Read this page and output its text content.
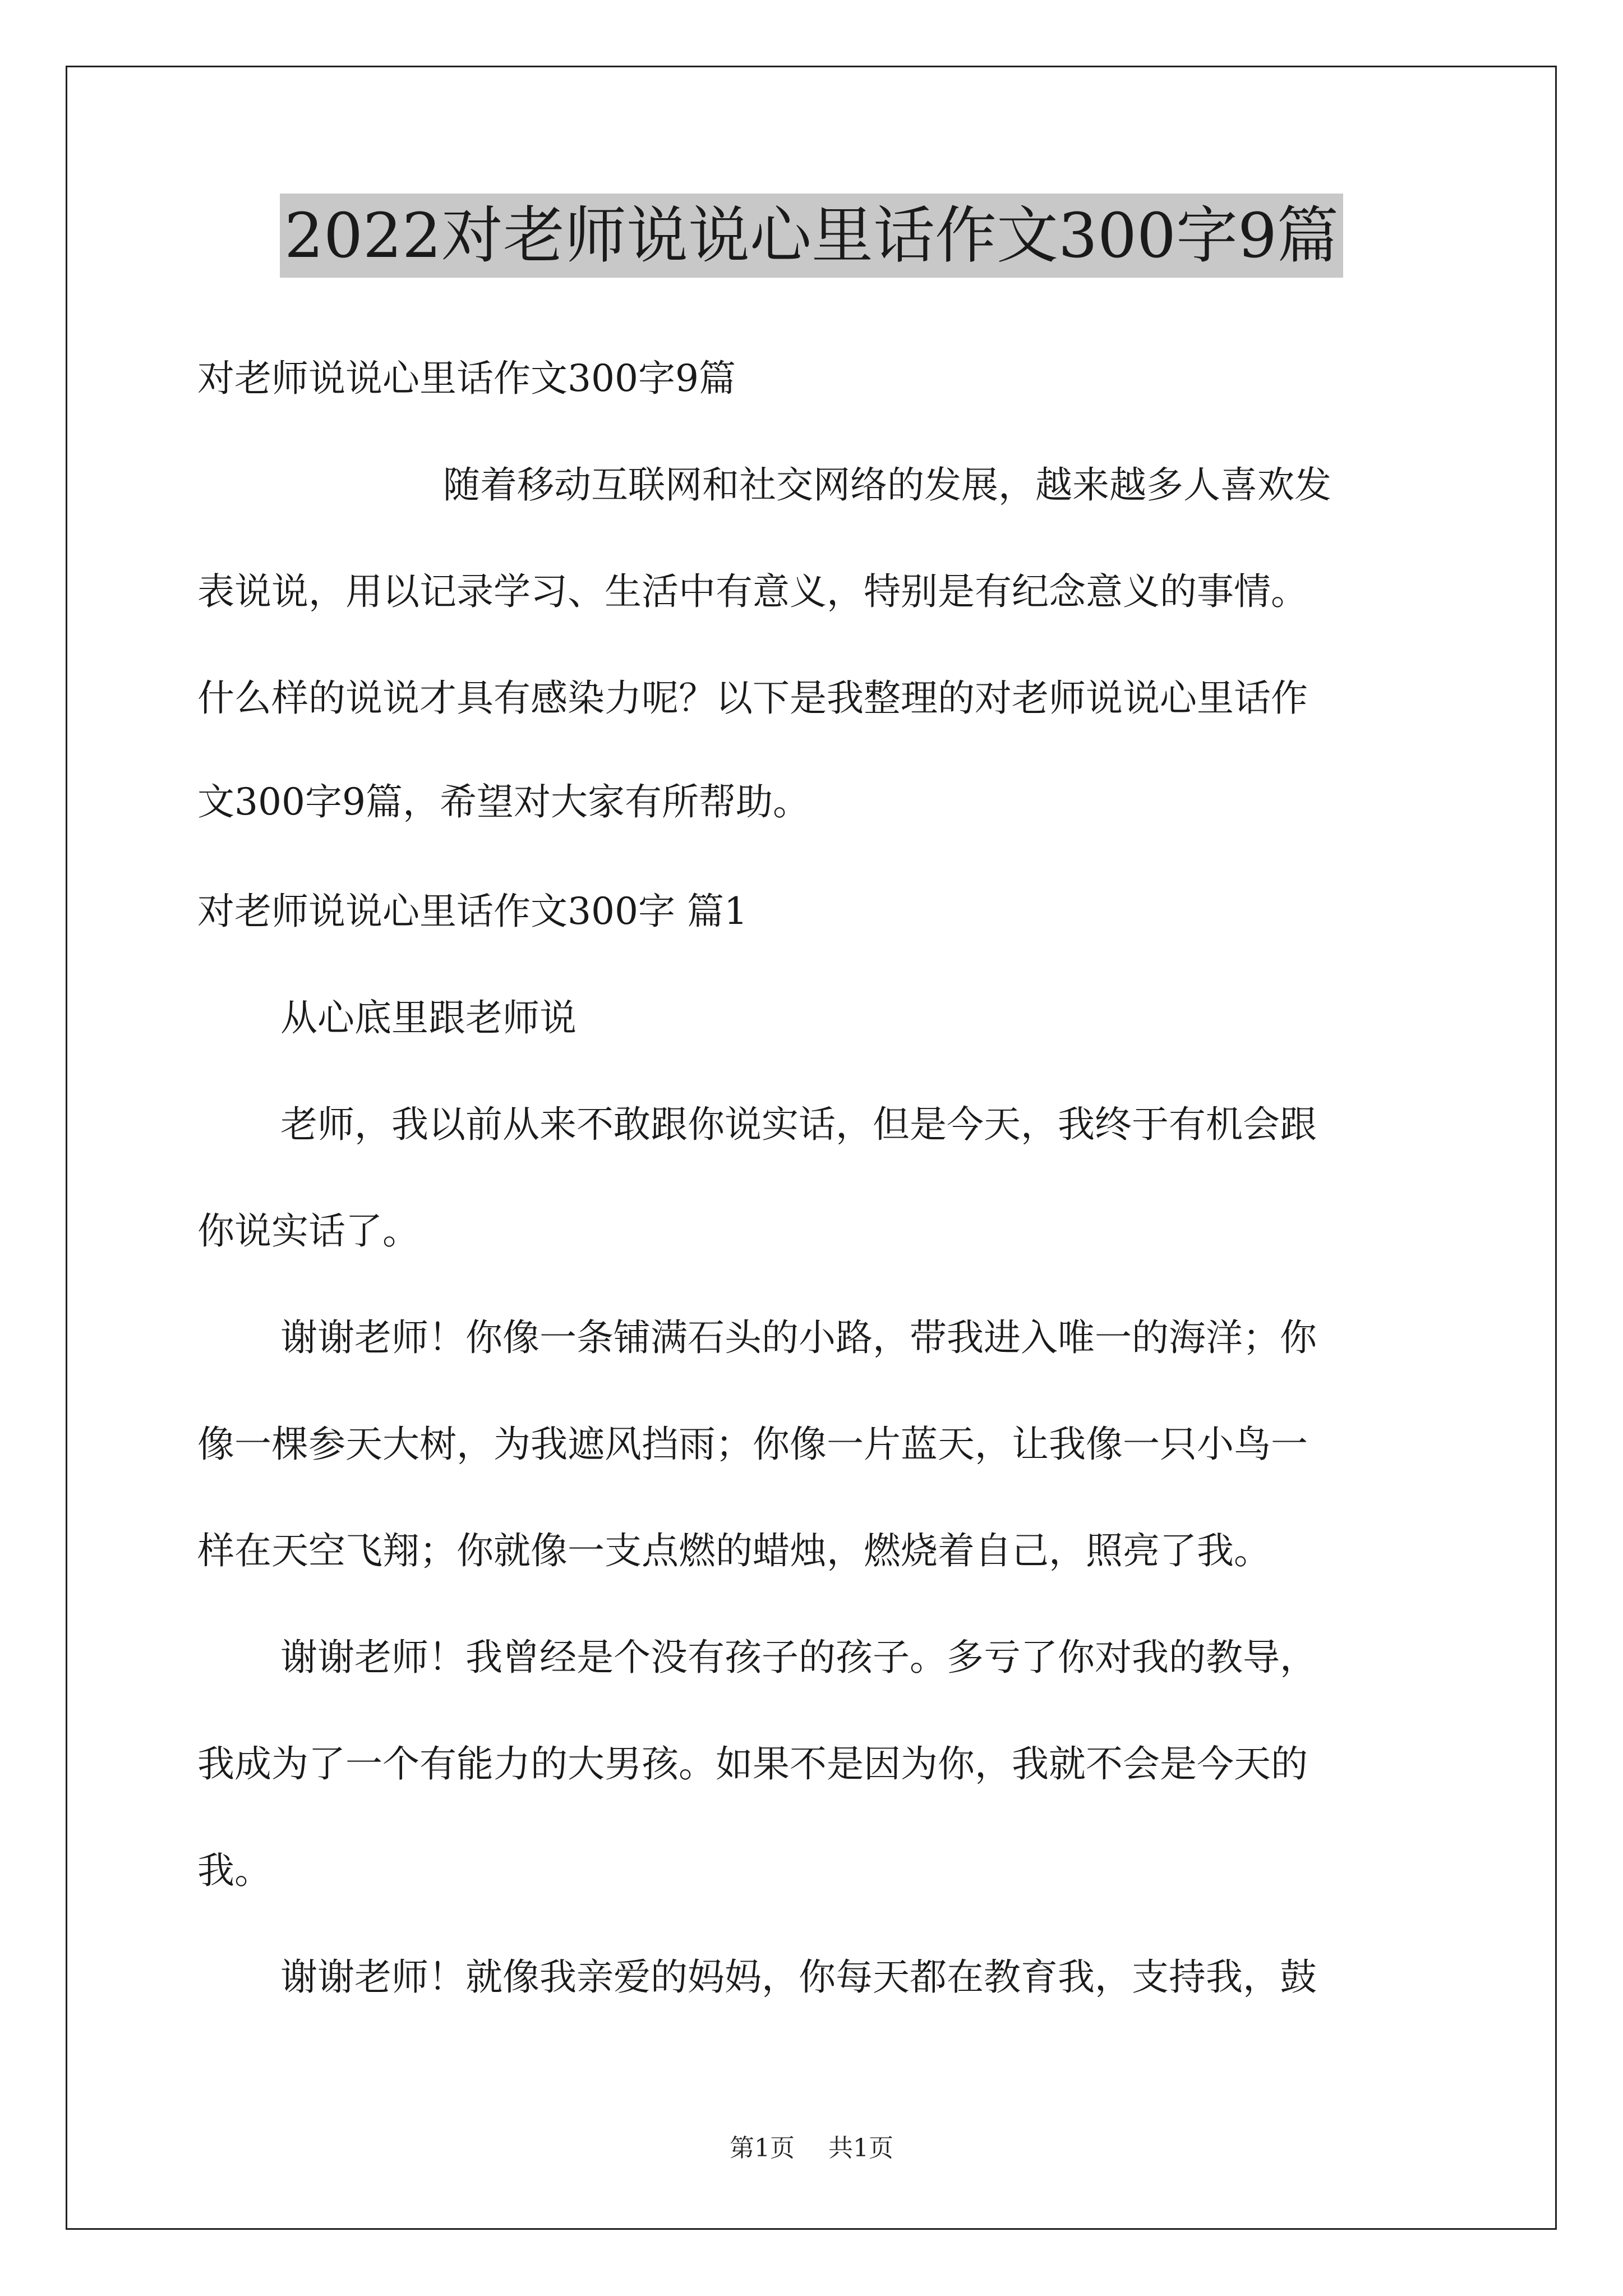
2022对老师说说心里话作文300字9篇
对老师说说心里话作文300字9篇
随着移动互联网和社交网络的发展，越来越多人喜欢发
表说说，用以记录学习、生活中有意义，特别是有纪念意义的事情。
什么样的说说才具有感染力呢？以下是我整理的对老师说说心里话作
文300字9篇，希望对大家有所帮助。
对老师说说心里话作文300字 篇1
从心底里跟老师说
老师，我以前从来不敢跟你说实话，但是今天，我终于有机会跟
你说实话了。
谢谢老师！你像一条铺满石头的小路，带我进入唯一的海洋；你
像一棵参天大树，为我遮风挡雨；你像一片蓝天，让我像一只小鸟一
样在天空飞翔；你就像一支点燃的蜡烛，燃烧着自己，照亮了我。
谢谢老师！我曾经是个没有孩子的孩子。多亏了你对我的教导，
我成为了一个有能力的大男孩。如果不是因为你，我就不会是今天的
我。
谢谢老师！就像我亲爱的妈妈，你每天都在教育我，支持我，鼓
第1页 共1页
